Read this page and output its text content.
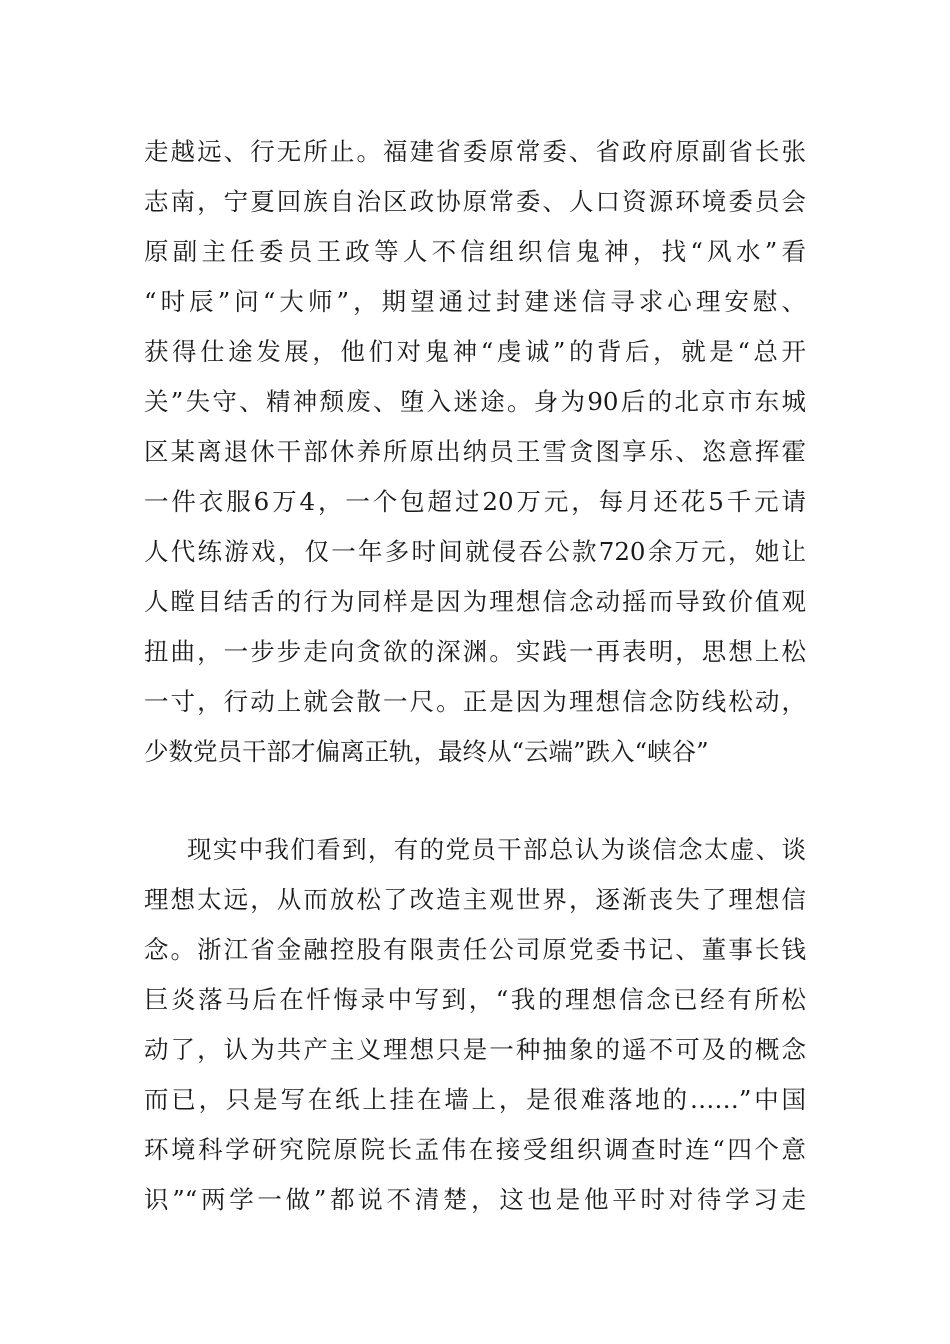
走越远、行无所止。福建省委原常委、省政府原副省长张
志南，宁夏回族自治区政协原常委、人口资源环境委员会
原副主任委员王政等人不信组织信鬼神，找“风水”看
“时辰”问“大师”，期望通过封建迷信寻求心理安慰、
获得仕途发展，他们对鬼神“虔诚”的背后，就是“总开
关”失守、精神颓废、堕入迷途。身为90后的北京市东城
区某离退休干部休养所原出纳员王雪贪图享乐、恣意挥霍
一件衣服6万4，一个包超过20万元，每月还花5千元请
人代练游戏，仅一年多时间就侵吞公款720余万元，她让
人瞠目结舌的行为同样是因为理想信念动摇而导致价值观
扭曲，一步步走向贪欲的深渊。实践一再表明，思想上松
一寸，行动上就会散一尺。正是因为理想信念防线松动，
少数党员干部才偏离正轨，最终从“云端”跌入“峡谷”
现实中我们看到，有的党员干部总认为谈信念太虚、谈
理想太远，从而放松了改造主观世界，逐渐丧失了理想信
念。浙江省金融控股有限责任公司原党委书记、董事长钱
巨炎落马后在忏悔录中写到，“我的理想信念已经有所松
动了，认为共产主义理想只是一种抽象的遥不可及的概念
而已，只是写在纸上挂在墙上，是很难落地的……”中国
环境科学研究院原院长孟伟在接受组织调查时连“四个意
识”“两学一做”都说不清楚，这也是他平时对待学习走
